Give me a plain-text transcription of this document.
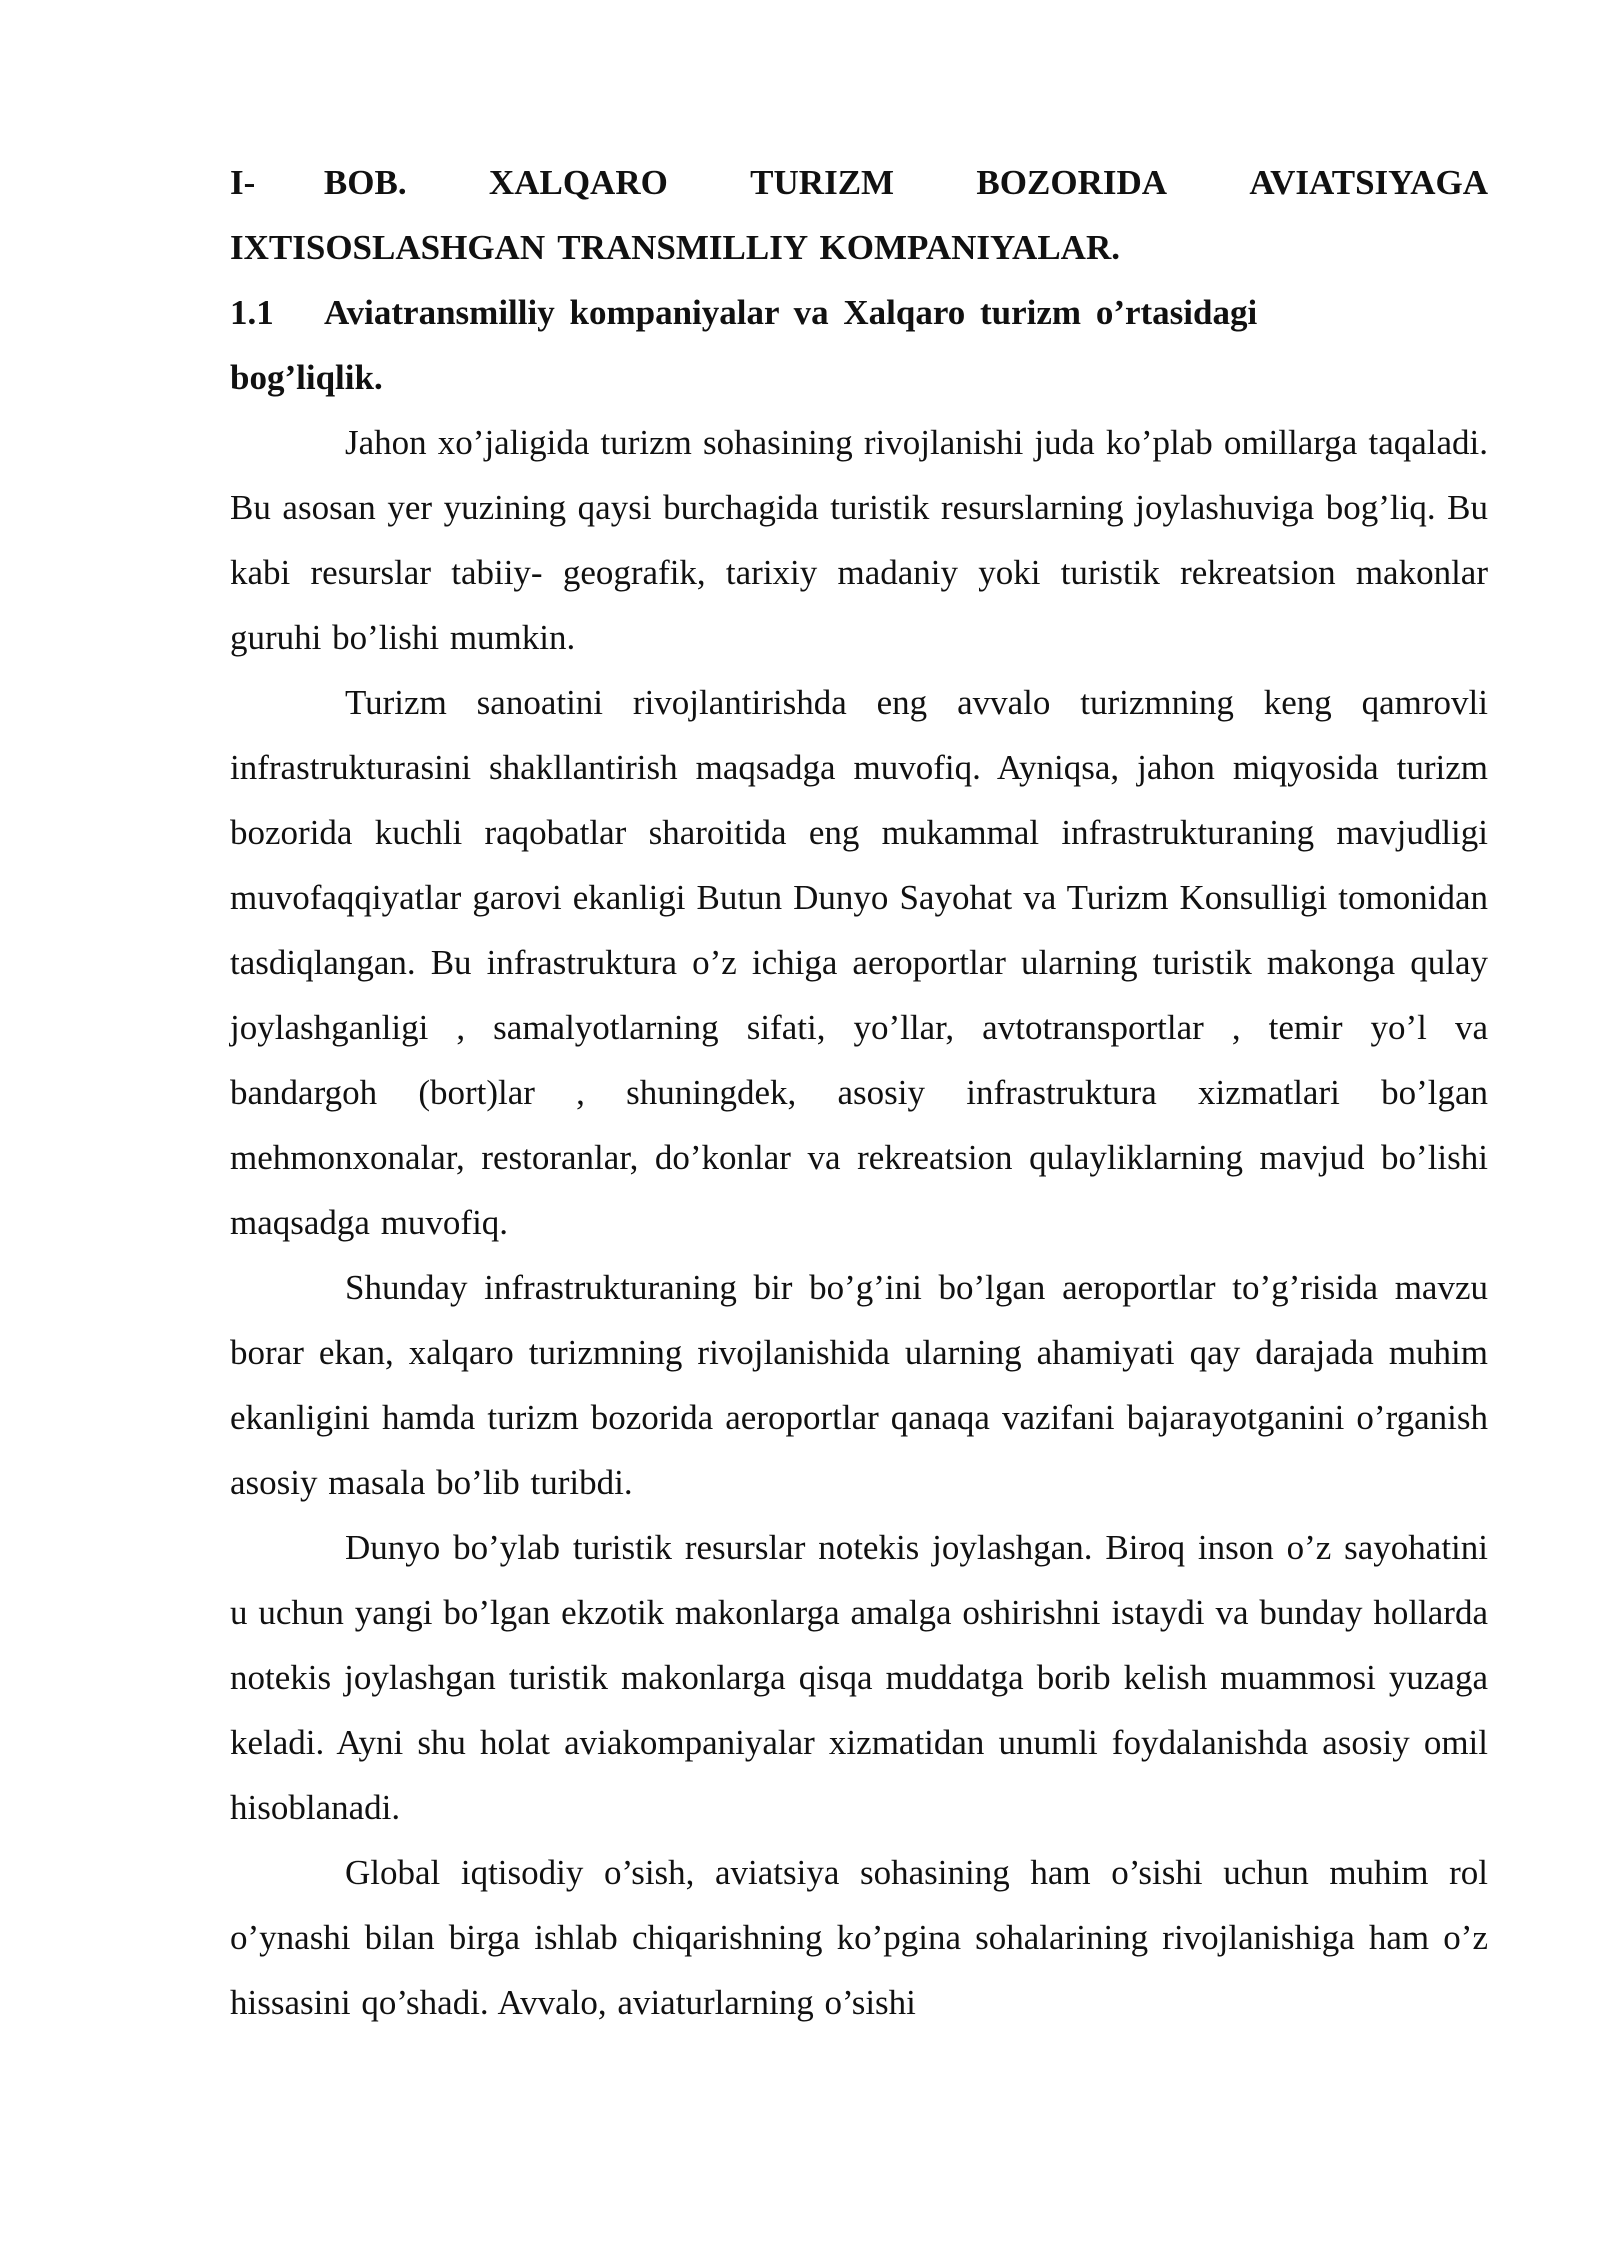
I-     BOB.      XALQARO      TURIZM      BOZORIDA      AVIATSIYAGA IXTISOSLASHGAN TRANSMILLIY KOMPANIYALAR.

1.1 Aviatransmilliy kompaniyalar va Xalqaro turizm o’rtasidagi bog’liqlik.

Jahon xo’jaligida turizm sohasining rivojlanishi juda ko’plab omillarga taqaladi. Bu asosan yer yuzining qaysi burchagida turistik resurslarning joylashuviga bog’liq. Bu kabi resurslar tabiiy- geografik, tarixiy madaniy yoki turistik rekreatsion makonlar guruhi bo’lishi mumkin.

Turizm sanoatini rivojlantirishda eng avvalo turizmning keng qamrovli infrastrukturasini shakllantirish maqsadga muvofiq. Ayniqsa, jahon miqyosida turizm bozorida kuchli raqobatlar sharoitida eng mukammal infrastrukturaning mavjudligi muvofaqqiyatlar garovi ekanligi Butun Dunyo Sayohat va Turizm Konsulligi tomonidan tasdiqlangan. Bu infrastruktura o’z ichiga aeroportlar ularning turistik makonga qulay joylashganligi , samalyotlarning sifati, yo’llar, avtotransportlar , temir yo’l va bandargoh (bort)lar , shuningdek, asosiy infrastruktura xizmatlari bo’lgan mehmonxonalar, restoranlar, do’konlar va rekreatsion qulayliklarning mavjud bo’lishi maqsadga muvofiq.

Shunday infrastrukturaning bir bo’g’ini bo’lgan aeroportlar to’g’risida mavzu borar ekan, xalqaro turizmning rivojlanishida ularning ahamiyati qay darajada muhim ekanligini hamda turizm bozorida aeroportlar qanaqa vazifani bajarayotganini o’rganish asosiy masala bo’lib turibdi.

Dunyo bo’ylab turistik resurslar notekis joylashgan. Biroq inson o’z sayohatini u uchun yangi bo’lgan ekzotik makonlarga amalga oshirishni istaydi va bunday hollarda notekis joylashgan turistik makonlarga qisqa muddatga borib kelish muammosi yuzaga keladi. Ayni shu holat aviakompaniyalar xizmatidan unumli foydalanishda asosiy omil hisoblanadi.

Global iqtisodiy o’sish, aviatsiya sohasining ham o’sishi uchun muhim rol o’ynashi bilan birga ishlab chiqarishning ko’pgina sohalarining rivojlanishiga ham o’z hissasini qo’shadi. Avvalo, aviaturlarning o’sishi
